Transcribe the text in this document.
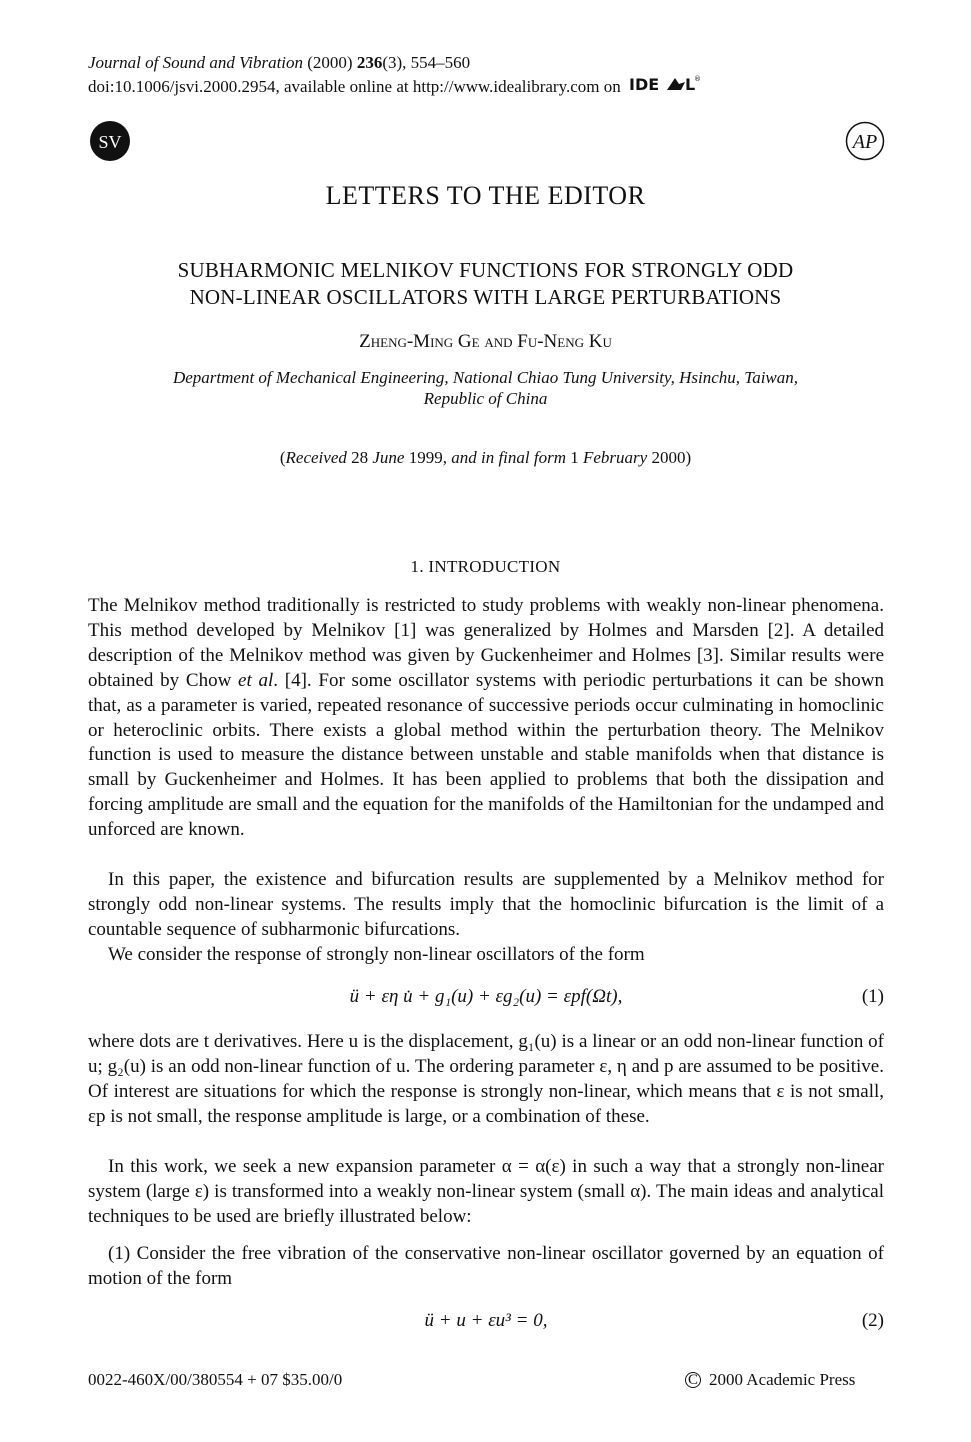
Journal of Sound and Vibration (2000) 236(3), 554–560
doi:10.1006/jsvi.2000.2954, available online at http://www.idealibrary.com on IDE L
®
SV	AP
LETTERS TO THE EDITOR
SUBHARMONIC MELNIKOV FUNCTIONS FOR STRONGLY ODD
NON-LINEAR OSCILLATORS WITH LARGE PERTURBATIONS
Zheng-Ming Ge and Fu-Neng Ku
Department of Mechanical Engineering, National Chiao Tung University, Hsinchu, Taiwan,
Republic of China
(Received 28 June 1999, and in final form 1 February 2000)
1. INTRODUCTION
The Melnikov method traditionally is restricted to study problems with weakly non-linear phenomena. This method developed by Melnikov [1] was generalized by Holmes and Marsden [2]. A detailed description of the Melnikov method was given by Guckenheimer and Holmes [3]. Similar results were obtained by Chow et al. [4]. For some oscillator systems with periodic perturbations it can be shown that, as a parameter is varied, repeated resonance of successive periods occur culminating in homoclinic or heteroclinic orbits. There exists a global method within the perturbation theory. The Melnikov function is used to measure the distance between unstable and stable manifolds when that distance is small by Guckenheimer and Holmes. It has been applied to problems that both the dissipation and forcing amplitude are small and the equation for the manifolds of the Hamiltonian for the undamped and unforced are known.
In this paper, the existence and bifurcation results are supplemented by a Melnikov method for strongly odd non-linear systems. The results imply that the homoclinic bifurcation is the limit of a countable sequence of subharmonic bifurcations.
We consider the response of strongly non-linear oscillators of the form
ü + εη u̇ + g₁(u) + εg₂(u) = εpf(Ωt),	(1)
where dots are t derivatives. Here u is the displacement, g₁(u) is a linear or an odd non-linear function of u; g₂(u) is an odd non-linear function of u. The ordering parameter ε, η and p are assumed to be positive. Of interest are situations for which the response is strongly non-linear, which means that ε is not small, εp is not small, the response amplitude is large, or a combination of these.
In this work, we seek a new expansion parameter α = α(ε) in such a way that a strongly non-linear system (large ε) is transformed into a weakly non-linear system (small α). The main ideas and analytical techniques to be used are briefly illustrated below:
(1) Consider the free vibration of the conservative non-linear oscillator governed by an equation of motion of the form
ü + u + εu³ = 0,	(2)
0022-460X/00/380554 + 07 $35.00/0	C 2000 Academic Press
